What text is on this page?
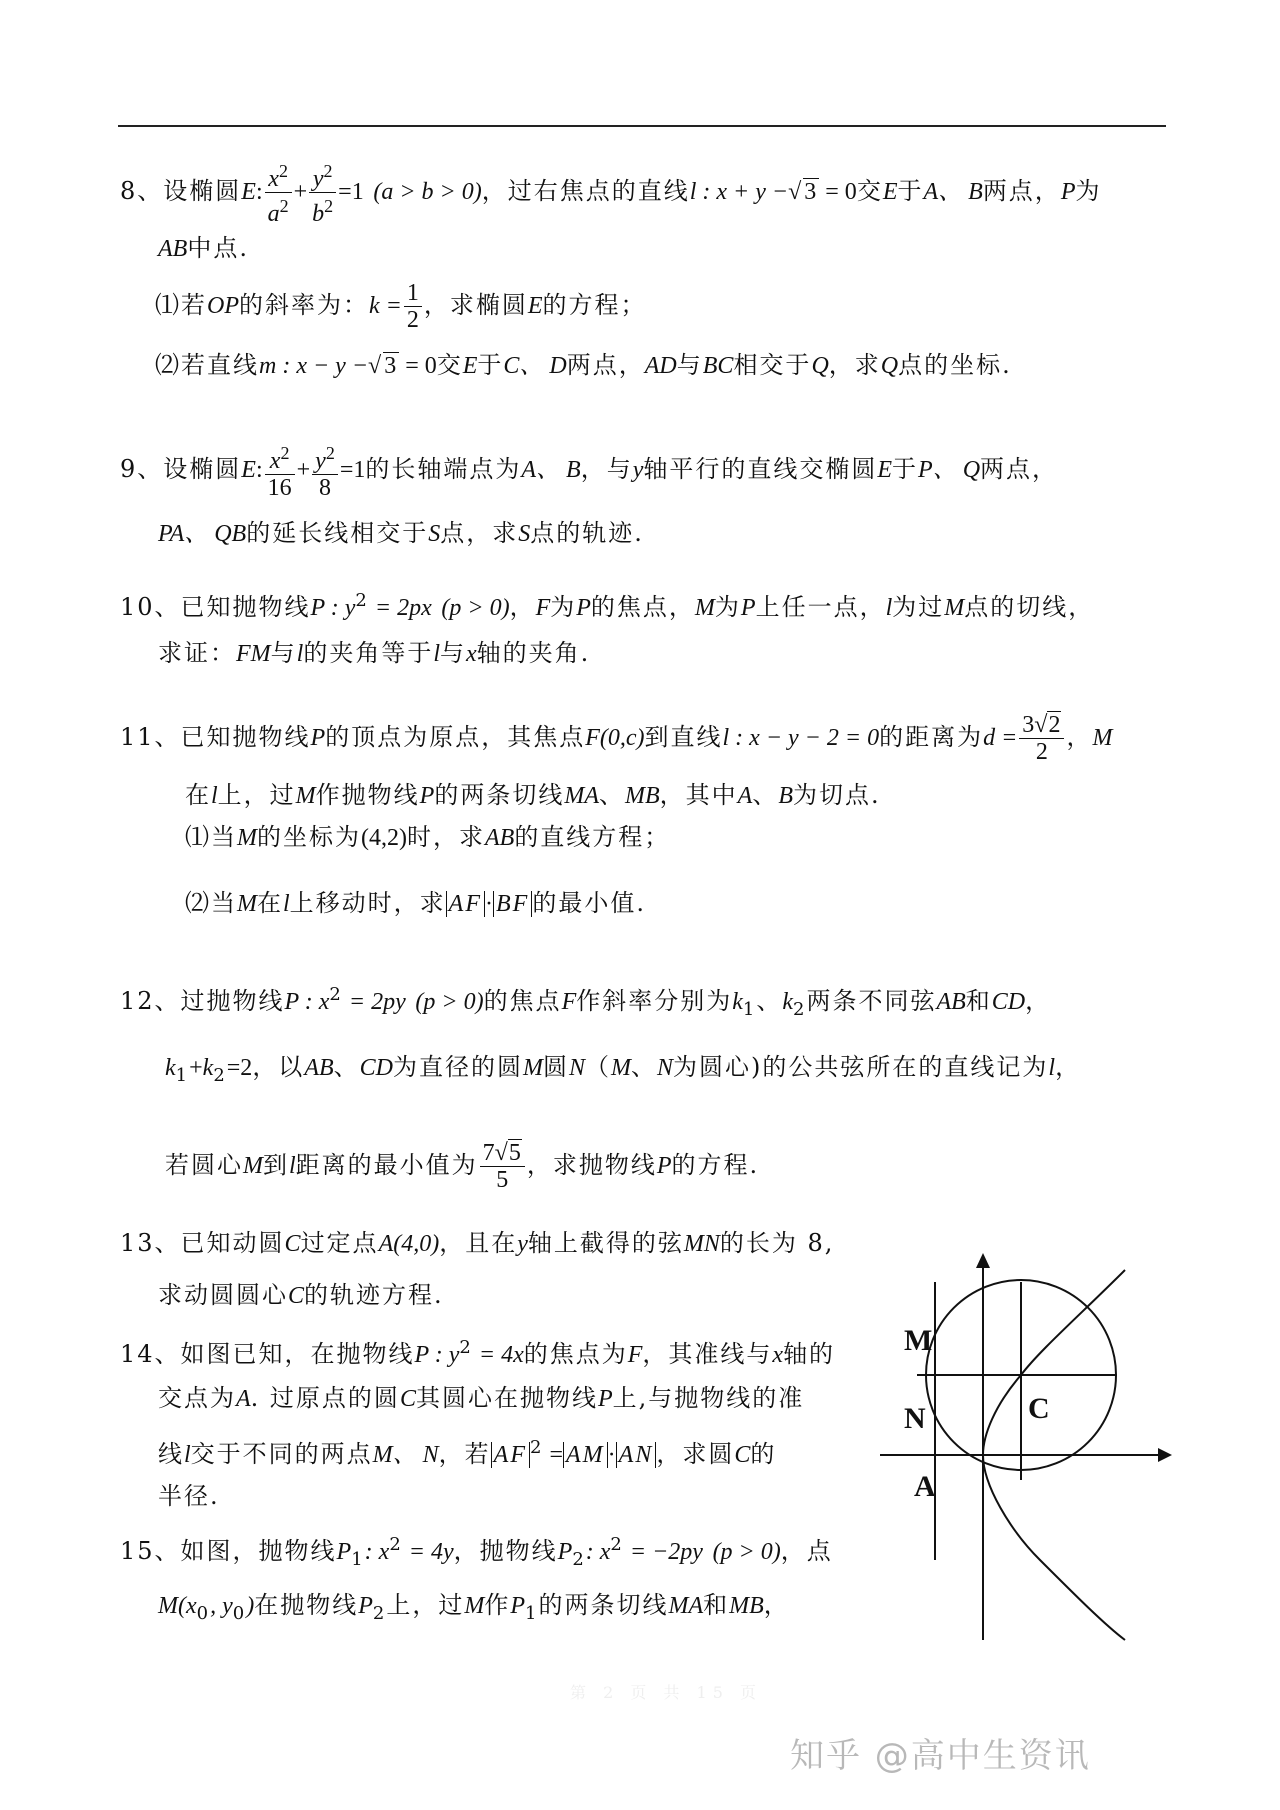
8、设椭圆E: $\frac{x^2}{a^2} + \frac{y^2}{b^2} =1$ (a > b > 0)，过右焦点的直线l : x + y −√3 = 0交E于A、 B两点，P为
AB中点.
⑴若OP的斜率为：$k = \frac{1}{2}$ ，求椭圆E的方程；
⑵若直线m : x − y −√3 = 0交E于C、 D两点，AD与BC相交于Q，求Q点的坐标.
9、设椭圆E: $\frac{x^2}{16} + \frac{y^2}{8} =1$的长轴端点为A、 B，与y轴平行的直线交椭圆E于P、 Q两点，
PA、 QB的延长线相交于S点，求S点的轨迹.
10、已知抛物线P : $y^2 = 2px$ (p > 0)，F为P的焦点，M为P上任一点，l为过M点的切线，
求证：FM与l的夹角等于l与x轴的夹角.
11、已知抛物线P的顶点为原点，其焦点F(0,c)到直线l : x − y − 2 = 0的距离为$d = \frac{3√2}{2}$ ，M
在l上，过M作抛物线P的两条切线MA、MB，其中A、B为切点.
⑴当M的坐标为(4,2)时，求AB的直线方程；
⑵当M在l上移动时，求 AF · BF 的最小值.
12、过抛物线P : $x^2 = 2py$ (p > 0)的焦点F作斜率分别为$k_1$、$k_2$两条不同弦AB和CD，
$k_1+k_2=2$，以AB、CD为直径的圆M圆N（M、N为圆心)的公共弦所在的直线记为l，
若圆心M到l距离的最小值为 $\frac{7√5}{5}$ ，求抛物线P的方程.
13、已知动圆C过定点A(4,0)，且在y轴上截得的弦MN的长为 8,
求动圆圆心C的轨迹方程.
14、如图已知，在抛物线P : $y^2 = 4x$的焦点为F，其准线与x轴的
交点为A. 过原点的圆C其圆心在抛物线P上,与抛物线的准
线l交于不同的两点M、 N，若 AF $^2$ = AM · AN ，求圆C的
半径.
15、如图，抛物线$P_1$: $x^2 = 4y$，抛物线$P_2$: $x^2 = -2py$ (p > 0)，点
$M(x_0$, $y_0$)在抛物线$P_2$上，过M作$P_1$的两条切线MA和MB，
M
N	C
A
第 2 页 共 15 页
知乎 @高中生资讯
